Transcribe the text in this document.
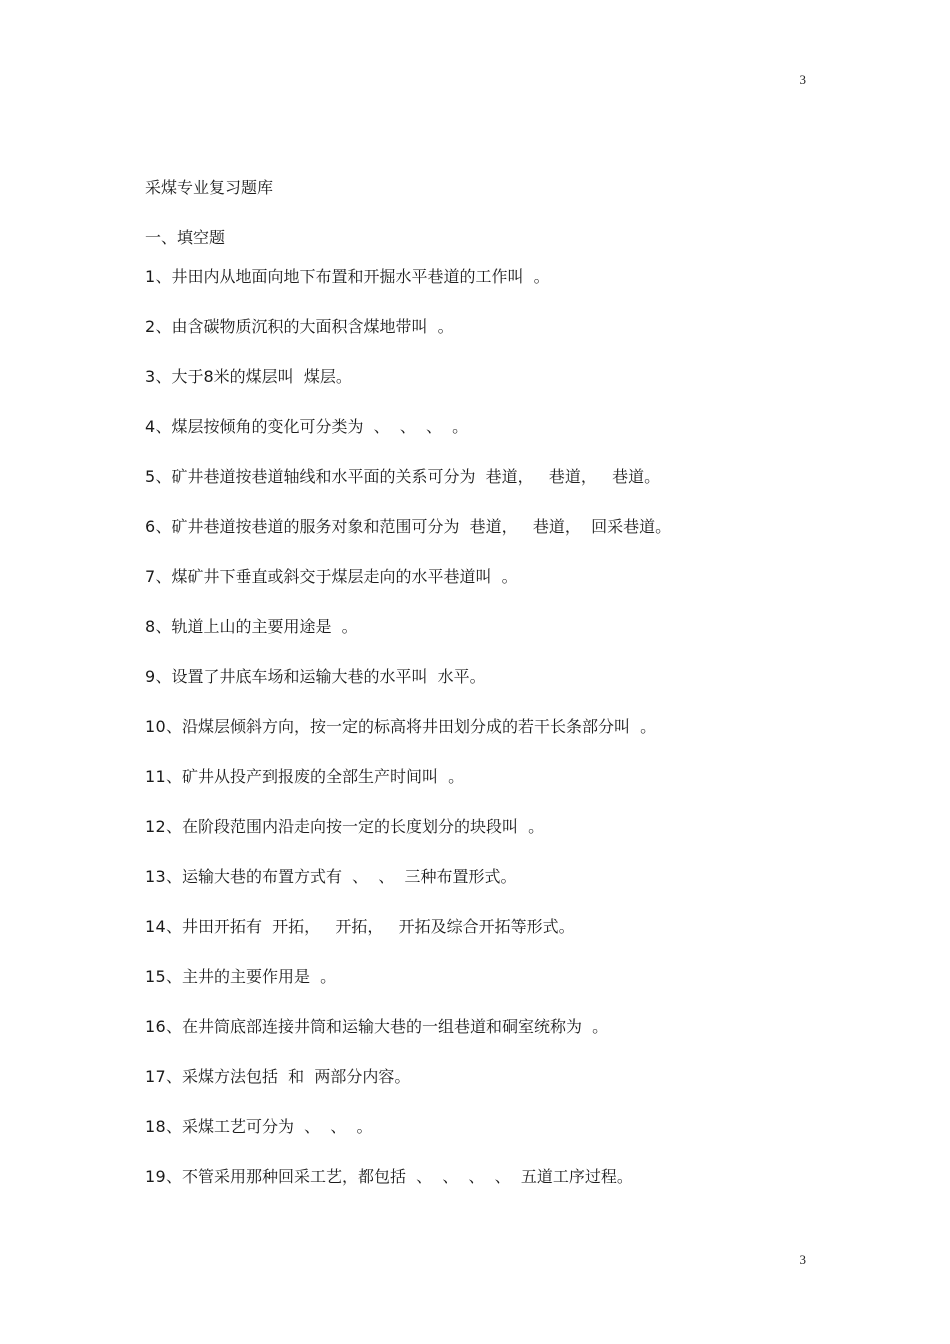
3
采煤专业复习题库
一、填空题
1、井田内从地面向地下布置和开掘水平巷道的工作叫  。
2、由含碳物质沉积的大面积含煤地带叫  。
3、大于8米的煤层叫  煤层。
4、煤层按倾角的变化可分类为  、  、  、  。
5、矿井巷道按巷道轴线和水平面的关系可分为  巷道，   巷道，   巷道。
6、矿井巷道按巷道的服务对象和范围可分为  巷道，   巷道，  回采巷道。
7、煤矿井下垂直或斜交于煤层走向的水平巷道叫  。
8、轨道上山的主要用途是  。
9、设置了井底车场和运输大巷的水平叫  水平。
10、沿煤层倾斜方向，按一定的标高将井田划分成的若干长条部分叫  。
11、矿井从投产到报废的全部生产时间叫  。
12、在阶段范围内沿走向按一定的长度划分的块段叫  。
13、运输大巷的布置方式有  、  、  三种布置形式。
14、井田开拓有  开拓，   开拓，   开拓及综合开拓等形式。
15、主井的主要作用是  。
16、在井筒底部连接井筒和运输大巷的一组巷道和硐室统称为  。
17、采煤方法包括  和  两部分内容。
18、采煤工艺可分为  、  、  。
19、不管采用那种回采工艺，都包括  、  、  、  、  五道工序过程。
3
